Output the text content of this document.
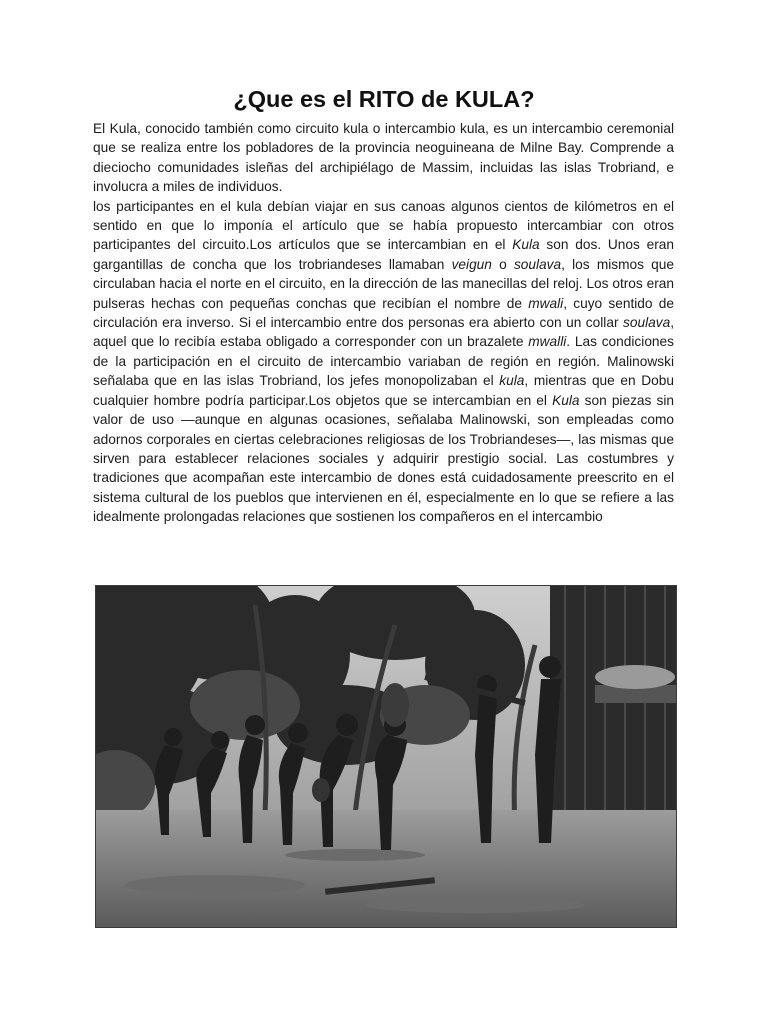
¿Que es el RITO de KULA?

El Kula, conocido también como circuito kula o intercambio kula, es un intercambio ceremonial que se realiza entre los pobladores de la provincia neoguineana de Milne Bay. Comprende a dieciocho comunidades isleñas del archipiélago de Massim, incluidas las islas Trobriand, e involucra a miles de individuos.

los participantes en el kula debían viajar en sus canoas algunos cientos de kilómetros en el sentido en que lo imponía el artículo que se había propuesto intercambiar con otros participantes del circuito.Los artículos que se intercambian en el Kula son dos. Unos eran gargantillas de concha que los trobriandeses llamaban veigun o soulava, los mismos que circulaban hacia el norte en el circuito, en la dirección de las manecillas del reloj. Los otros eran pulseras hechas con pequeñas conchas que recibían el nombre de mwali, cuyo sentido de circulación era inverso. Si el intercambio entre dos personas era abierto con un collar soulava, aquel que lo recibía estaba obligado a corresponder con un brazalete mwalli. Las condiciones de la participación en el circuito de intercambio variaban de región en región. Malinowski señalaba que en las islas Trobriand, los jefes monopolizaban el kula, mientras que en Dobu cualquier hombre podría participar.Los objetos que se intercambian en el Kula son piezas sin valor de uso —aunque en algunas ocasiones, señalaba Malinowski, son empleadas como adornos corporales en ciertas celebraciones religiosas de los Trobriandeses—, las mismas que sirven para establecer relaciones sociales y adquirir prestigio social. Las costumbres y tradiciones que acompañan este intercambio de dones está cuidadosamente preescrito en el sistema cultural de los pueblos que intervienen en él, especialmente en lo que se refiere a las idealmente prolongadas relaciones que sostienen los compañeros en el intercambio
